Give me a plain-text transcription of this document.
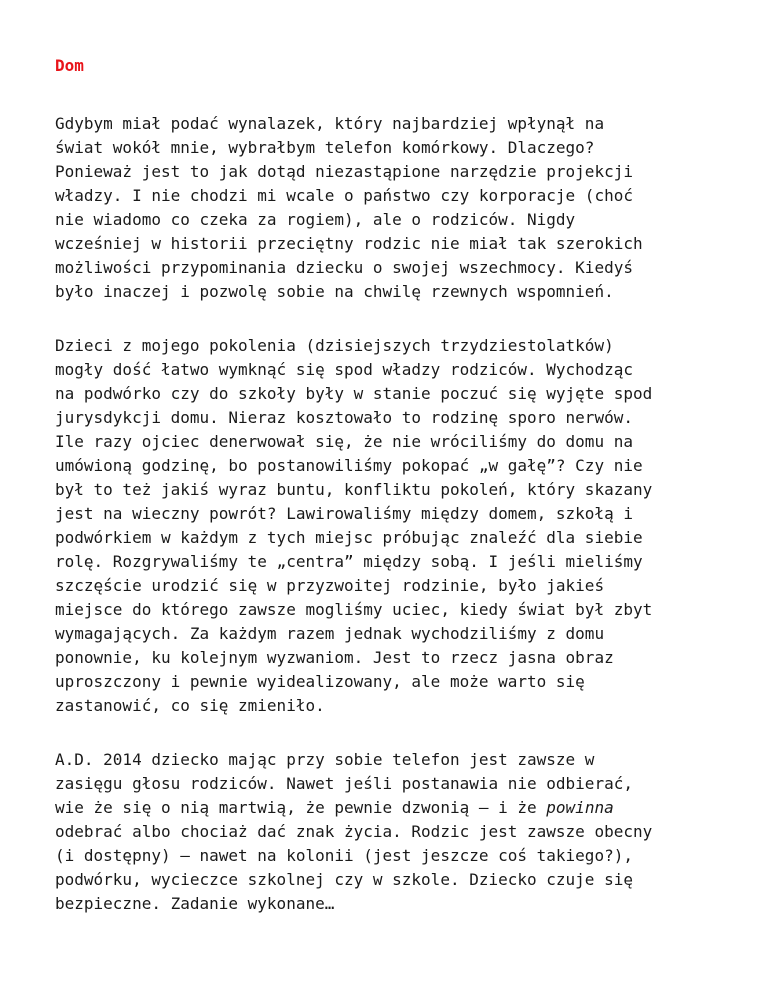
Dom
Gdybym miał podać wynalazek, który najbardziej wpłynął na
świat wokół mnie, wybrałbym telefon komórkowy. Dlaczego?
Ponieważ jest to jak dotąd niezastąpione narzędzie projekcji
władzy. I nie chodzi mi wcale o państwo czy korporacje (choć
nie wiadomo co czeka za rogiem), ale o rodziców. Nigdy
wcześniej w historii przeciętny rodzic nie miał tak szerokich
możliwości przypominania dziecku o swojej wszechmocy. Kiedyś
było inaczej i pozwolę sobie na chwilę rzewnych wspomnień.
Dzieci z mojego pokolenia (dzisiejszych trzydziestolatków)
mogły dość łatwo wymknąć się spod władzy rodziców. Wychodząc
na podwórko czy do szkoły były w stanie poczuć się wyjęte spod
jurysdykcji domu. Nieraz kosztowało to rodzinę sporo nerwów.
Ile razy ojciec denerwował się, że nie wróciliśmy do domu na
umówioną godzinę, bo postanowiliśmy pokopać „w gałę”? Czy nie
był to też jakiś wyraz buntu, konfliktu pokoleń, który skazany
jest na wieczny powrót? Lawirowaliśmy między domem, szkołą i
podwórkiem w każdym z tych miejsc próbując znaleźć dla siebie
rolę. Rozgrywaliśmy te „centra” między sobą. I jeśli mieliśmy
szczęście urodzić się w przyzwoitej rodzinie, było jakieś
miejsce do którego zawsze mogliśmy uciec, kiedy świat był zbyt
wymagających. Za każdym razem jednak wychodziliśmy z domu
ponownie, ku kolejnym wyzwaniom. Jest to rzecz jasna obraz
uproszczony i pewnie wyidealizowany, ale może warto się
zastanowić, co się zmieniło.
A.D. 2014 dziecko mając przy sobie telefon jest zawsze w
zasięgu głosu rodziców. Nawet jeśli postanawia nie odbierać,
wie że się o nią martwią, że pewnie dzwonią – i że powinna
odebrać albo chociaż dać znak życia. Rodzic jest zawsze obecny
(i dostępny) – nawet na kolonii (jest jeszcze coś takiego?),
podwórku, wycieczce szkolnej czy w szkole. Dziecko czuje się
bezpieczne. Zadanie wykonane…
